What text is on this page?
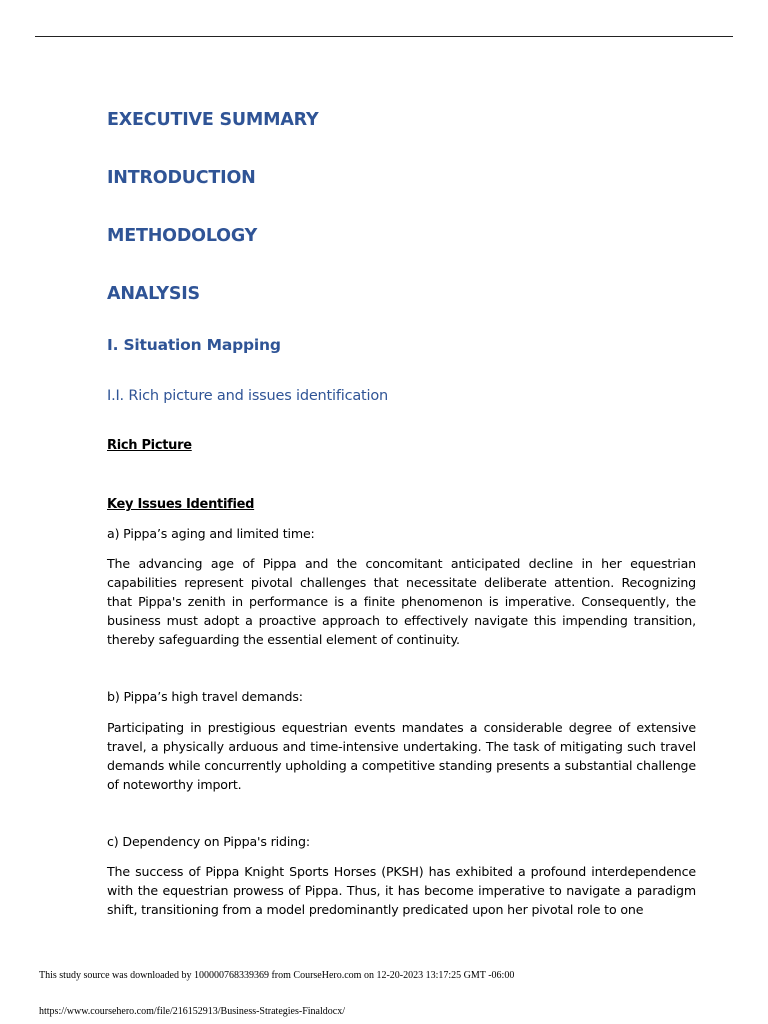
EXECUTIVE SUMMARY
INTRODUCTION
METHODOLOGY
ANALYSIS
I. Situation Mapping
I.I. Rich picture and issues identification
Rich Picture
Key Issues Identified
a) Pippa’s aging and limited time:
The advancing age of Pippa and the concomitant anticipated decline in her equestrian capabilities represent pivotal challenges that necessitate deliberate attention. Recognizing that Pippa's zenith in performance is a finite phenomenon is imperative. Consequently, the business must adopt a proactive approach to effectively navigate this impending transition, thereby safeguarding the essential element of continuity.
b) Pippa’s high travel demands:
Participating in prestigious equestrian events mandates a considerable degree of extensive travel, a physically arduous and time-intensive undertaking. The task of mitigating such travel demands while concurrently upholding a competitive standing presents a substantial challenge of noteworthy import.
c) Dependency on Pippa's riding:
The success of Pippa Knight Sports Horses (PKSH) has exhibited a profound interdependence with the equestrian prowess of Pippa. Thus, it has become imperative to navigate a paradigm shift, transitioning from a model predominantly predicated upon her pivotal role to one
This study source was downloaded by 100000768339369 from CourseHero.com on 12-20-2023 13:17:25 GMT -06:00
https://www.coursehero.com/file/216152913/Business-Strategies-Finaldocx/
